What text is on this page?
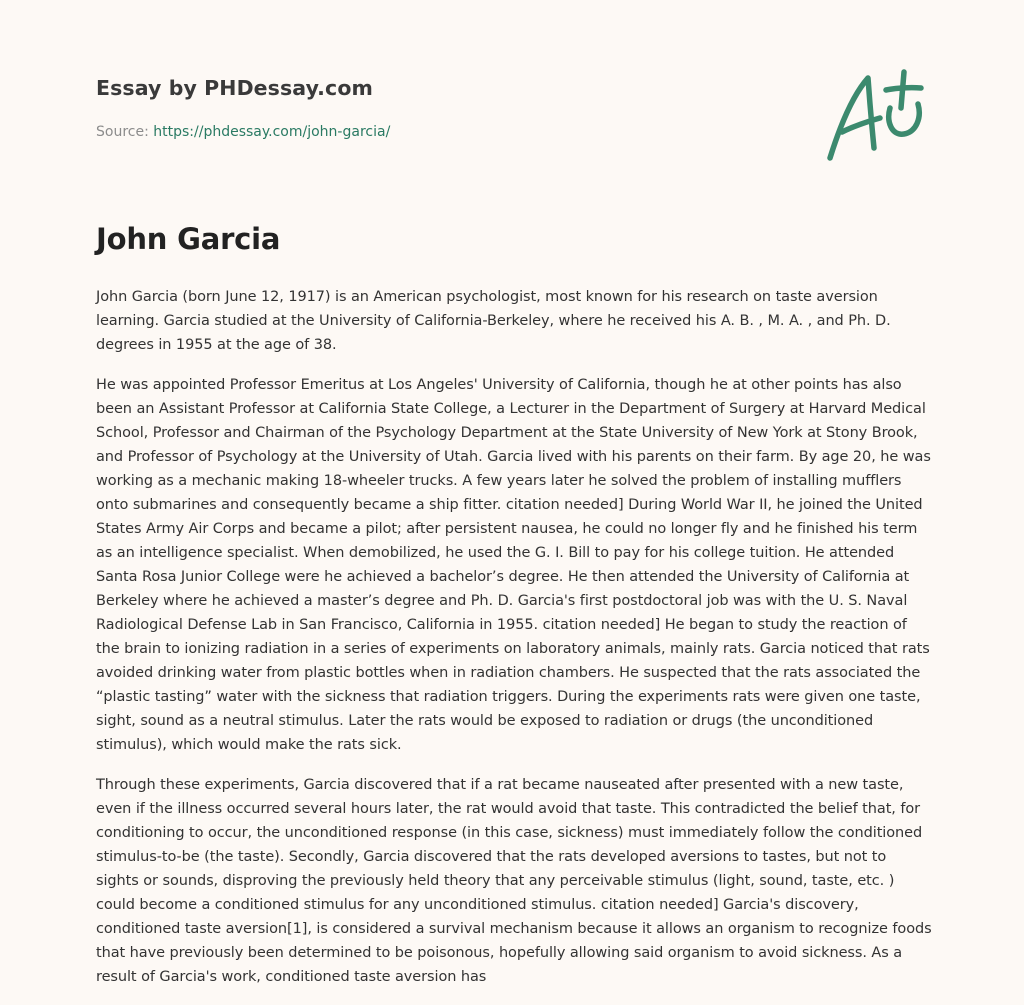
Essay by PHDessay.com
Source: https://phdessay.com/john-garcia/
John Garcia

John Garcia (born June 12, 1917) is an American psychologist, most known for his research on taste aversion learning. Garcia studied at the University of California-Berkeley, where he received his A. B. , M. A. , and Ph. D. degrees in 1955 at the age of 38.

He was appointed Professor Emeritus at Los Angeles' University of California, though he at other points has also been an Assistant Professor at California State College, a Lecturer in the Department of Surgery at Harvard Medical School, Professor and Chairman of the Psychology Department at the State University of New York at Stony Brook, and Professor of Psychology at the University of Utah. Garcia lived with his parents on their farm. By age 20, he was working as a mechanic making 18-wheeler trucks. A few years later he solved the problem of installing mufflers onto submarines and consequently became a ship fitter. citation needed] During World War II, he joined the United States Army Air Corps and became a pilot; after persistent nausea, he could no longer fly and he finished his term as an intelligence specialist. When demobilized, he used the G. I. Bill to pay for his college tuition. He attended Santa Rosa Junior College were he achieved a bachelor’s degree. He then attended the University of California at Berkeley where he achieved a master’s degree and Ph. D. Garcia's first postdoctoral job was with the U. S. Naval Radiological Defense Lab in San Francisco, California in 1955. citation needed] He began to study the reaction of the brain to ionizing radiation in a series of experiments on laboratory animals, mainly rats. Garcia noticed that rats avoided drinking water from plastic bottles when in radiation chambers. He suspected that the rats associated the “plastic tasting” water with the sickness that radiation triggers. During the experiments rats were given one taste, sight, sound as a neutral stimulus. Later the rats would be exposed to radiation or drugs (the unconditioned stimulus), which would make the rats sick.

Through these experiments, Garcia discovered that if a rat became nauseated after presented with a new taste, even if the illness occurred several hours later, the rat would avoid that taste. This contradicted the belief that, for conditioning to occur, the unconditioned response (in this case, sickness) must immediately follow the conditioned stimulus-to-be (the taste). Secondly, Garcia discovered that the rats developed aversions to tastes, but not to sights or sounds, disproving the previously held theory that any perceivable stimulus (light, sound, taste, etc. ) could become a conditioned stimulus for any unconditioned stimulus. citation needed] Garcia's discovery, conditioned taste aversion[1], is considered a survival mechanism because it allows an organism to recognize foods that have previously been determined to be poisonous, hopefully allowing said organism to avoid sickness. As a result of Garcia's work, conditioned taste aversion has
